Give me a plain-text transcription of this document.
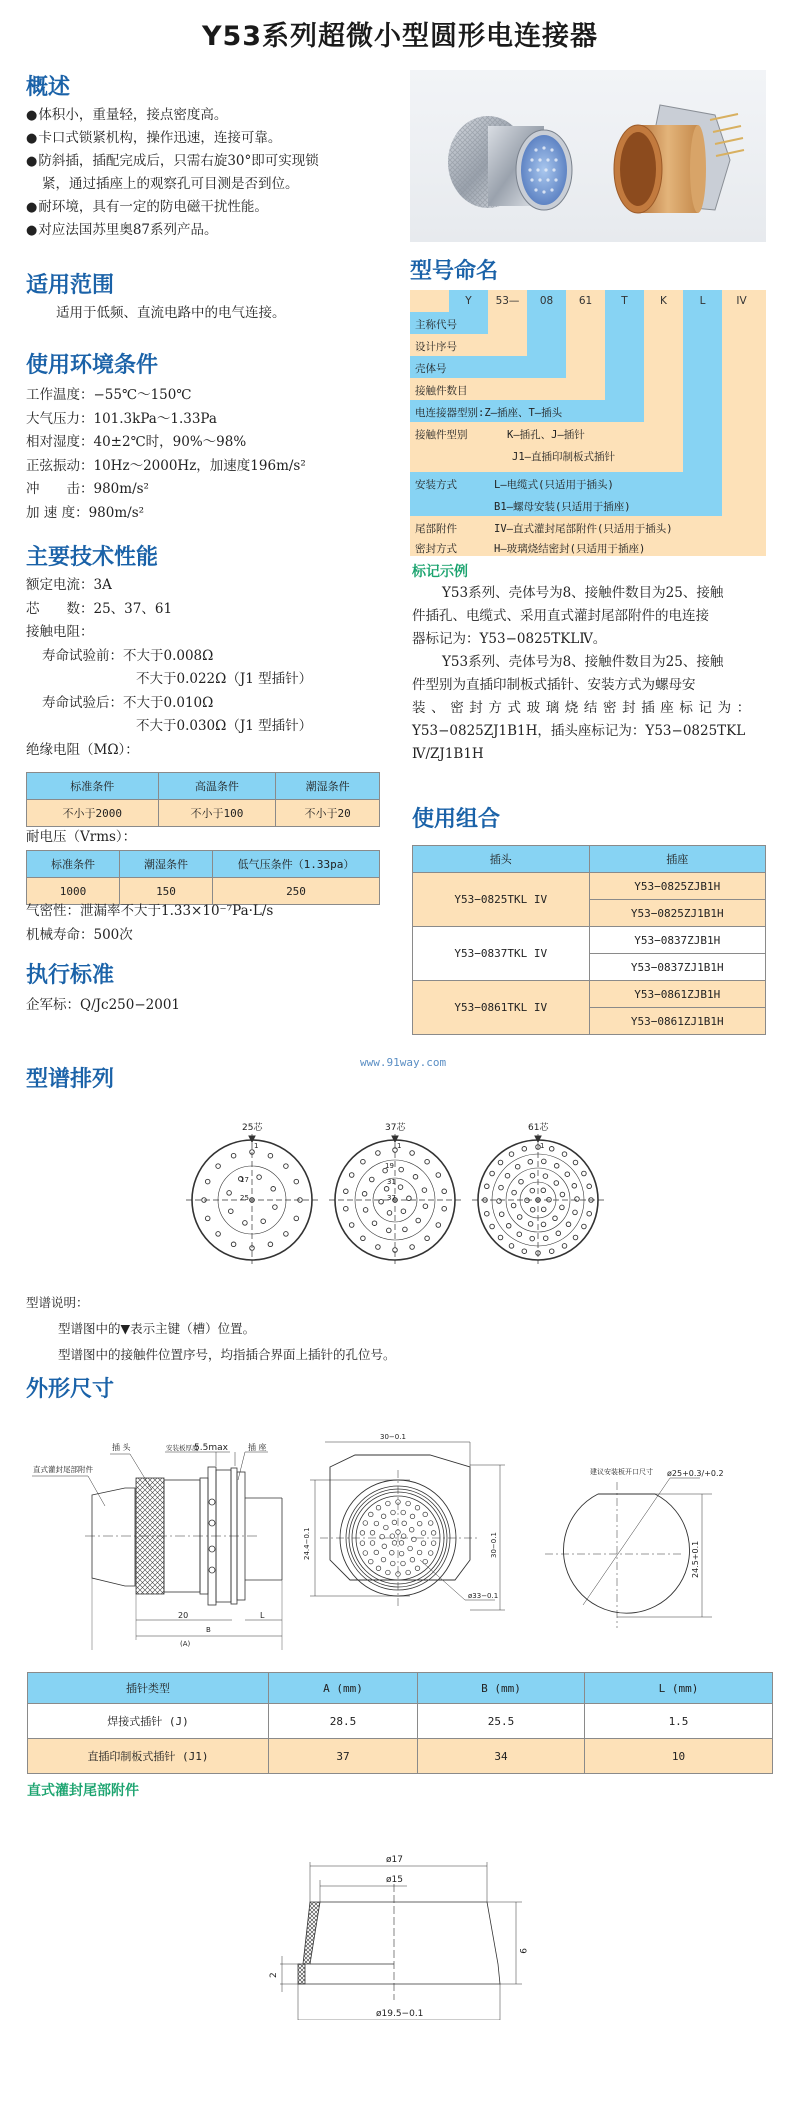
Y53系列超微小型圆形电连接器
概述
●体积小，重量轻，接点密度高。
●卡口式锁紧机构，操作迅速，连接可靠。
●防斜插，插配完成后，只需右旋30°即可实现锁
紧，通过插座上的观察孔可目测是否到位。
●耐环境，具有一定的防电磁干扰性能。
●对应法国苏里奥87系列产品。
适用范围
适用于低频、直流电路中的电气连接。
使用环境条件
工作温度：−55℃～150℃
大气压力：101.3kPa～1.33Pa
相对湿度：40±2℃时，90%～98%
正弦振动：10Hz～2000Hz，加速度196m/s²
冲　　击：980m/s²
加 速 度：980m/s²
主要技术性能
额定电流：3A
芯　　数：25、37、61
接触电阻：
寿命试验前：不大于0.008Ω
不大于0.022Ω（J1 型插针）
寿命试验后：不大于0.010Ω
不大于0.030Ω（J1 型插针）
绝缘电阻（MΩ）：
标准条件	高温条件	潮湿条件
不小于2000	不小于100	不小于20
耐电压（Vrms）：
标准条件	潮湿条件	低气压条件（1.33pa）
1000	150	250
气密性：泄漏率不大于1.33×10⁻⁷Pa·L/s
机械寿命：500次
执行标准
企军标：Q/Jc250−2001
型号命名
Y	53—	08	61	T	K	L	IV
主称代号
设计序号
壳体号
接触件数目
电连接器型别:Z—插座、T—插头
接触件型别	K—插孔、J—插针
J1—直插印制板式插针
安装方式	L—电缆式(只适用于插头)
B1—螺母安装(只适用于插座)
尾部附件	IV—直式灌封尾部附件(只适用于插头)
密封方式	H—玻璃烧结密封(只适用于插座)
标记示例
Y53系列、壳体号为8、接触件数目为25、接触
件插孔、电缆式、采用直式灌封尾部附件的电连接
器标记为：Y53−0825TKLⅣ。
Y53系列、壳体号为8、接触件数目为25、接触
件型别为直插印制板式插针、安装方式为螺母安
装、密封方式玻璃烧结密封插座标记为：
Y53−0825ZJ1B1H，插头座标记为：Y53−0825TKL
Ⅳ/ZJ1B1H
使用组合
插头	插座
Y53−0825TKL IV	Y53−0825ZJB1H
	Y53−0825ZJ1B1H
Y53−0837TKL IV	Y53−0837ZJB1H
	Y53−0837ZJ1B1H
Y53−0861TKL IV	Y53−0861ZJB1H
	Y53−0861ZJ1B1H
www.91way.com
型谱排列
25芯	37芯	61芯
1
17
25
1
19
31
37
1
型谱说明：
型谱图中的▼表示主键（槽）位置。
型谱图中的接触件位置序号，均指插合界面上插针的孔位号。
外形尺寸
直式灌封尾部附件
插 头	安装板厚度
5.5max	插 座
20	L
B
(A)
30−0.1
24.4−0.1	30−0.1
ø33−0.1
建议安装板开口尺寸 ø25+0.3/+0.2
24.5+0.1
插针类型	A (mm)	B (mm)	L (mm)
焊接式插针 (J)	28.5	25.5	1.5
直插印制板式插针 (J1)	37	34	10
直式灌封尾部附件
ø17
ø15
9
2
ø19.5−0.1
